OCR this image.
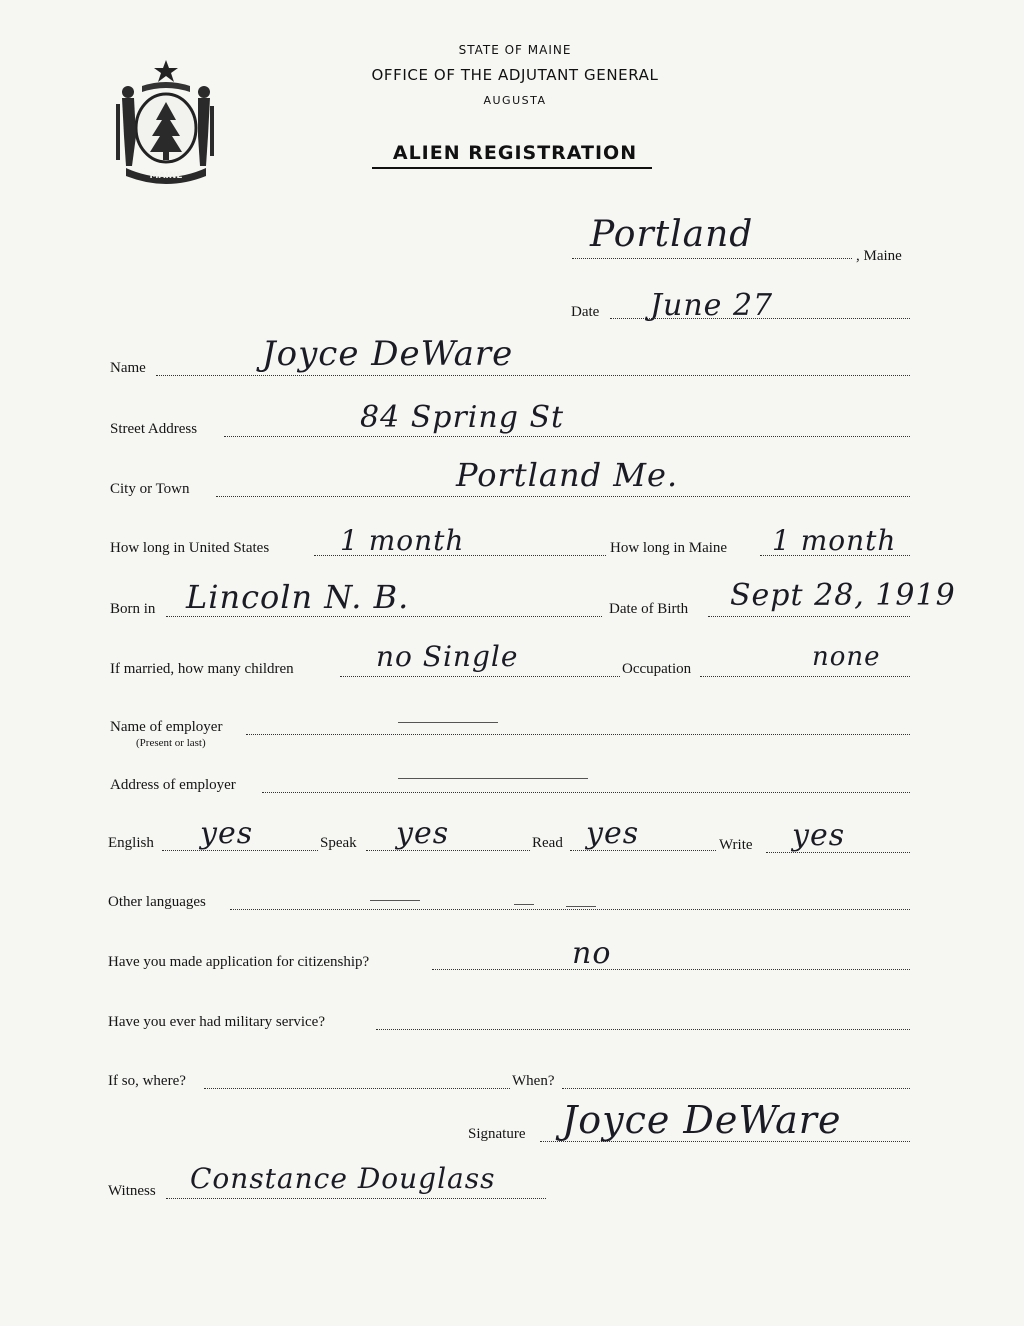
MAINE
STATE OF MAINE
OFFICE OF THE ADJUTANT GENERAL
AUGUSTA
ALIEN REGISTRATION
Portland
, Maine
Date June 27
Name	Joyce DeWare
Street Address	84 Spring St
City or Town	Portland Me.
How long in United States	1 month	How long in Maine 1 month
Born in Lincoln N. B.	Date of Birth Sept 28, 1919
If married, how many children	no Single	Occupation	none
Name of employer
(Present or last)
Address of employer
English yes	Speak yes	Read yes	Write yes
Other languages
Have you made application for citizenship?	no
Have you ever had military service?
If so, where?	When?
Signature Joyce DeWare
Witness Constance Douglass
